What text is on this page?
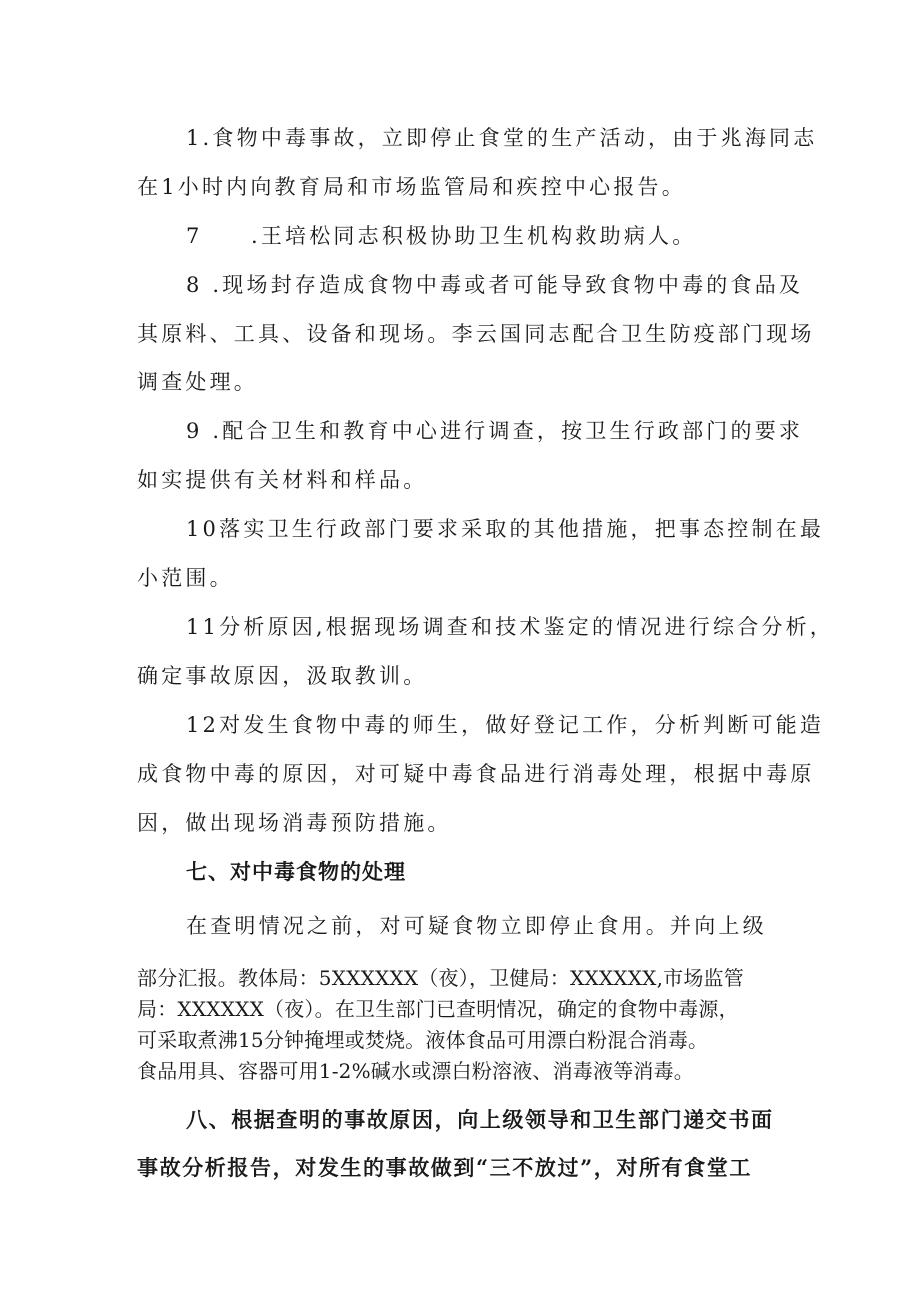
1.食物中毒事故，立即停止食堂的生产活动，由于兆海同志
在1小时内向教育局和市场监管局和疾控中心报告。
7　　.王培松同志积极协助卫生机构救助病人。
8 .现场封存造成食物中毒或者可能导致食物中毒的食品及
其原料、工具、设备和现场。李云国同志配合卫生防疫部门现场
调查处理。
9 .配合卫生和教育中心进行调查，按卫生行政部门的要求
如实提供有关材料和样品。
10落实卫生行政部门要求采取的其他措施，把事态控制在最
小范围。
11分析原因,根据现场调查和技术鉴定的情况进行综合分析，
确定事故原因，汲取教训。
12对发生食物中毒的师生，做好登记工作，分析判断可能造
成食物中毒的原因，对可疑中毒食品进行消毒处理，根据中毒原
因，做出现场消毒预防措施。
七、对中毒食物的处理
在查明情况之前，对可疑食物立即停止食用。并向上级
部分汇报。教体局：5XXXXXX（夜），卫健局：XXXXXX,市场监管
局：XXXXXX（夜）。在卫生部门已查明情况，确定的食物中毒源，
可采取煮沸15分钟掩埋或焚烧。液体食品可用漂白粉混合消毒。
食品用具、容器可用1-2%碱水或漂白粉溶液、消毒液等消毒。
八、根据查明的事故原因，向上级领导和卫生部门递交书面
事故分析报告，对发生的事故做到“三不放过”，对所有食堂工
